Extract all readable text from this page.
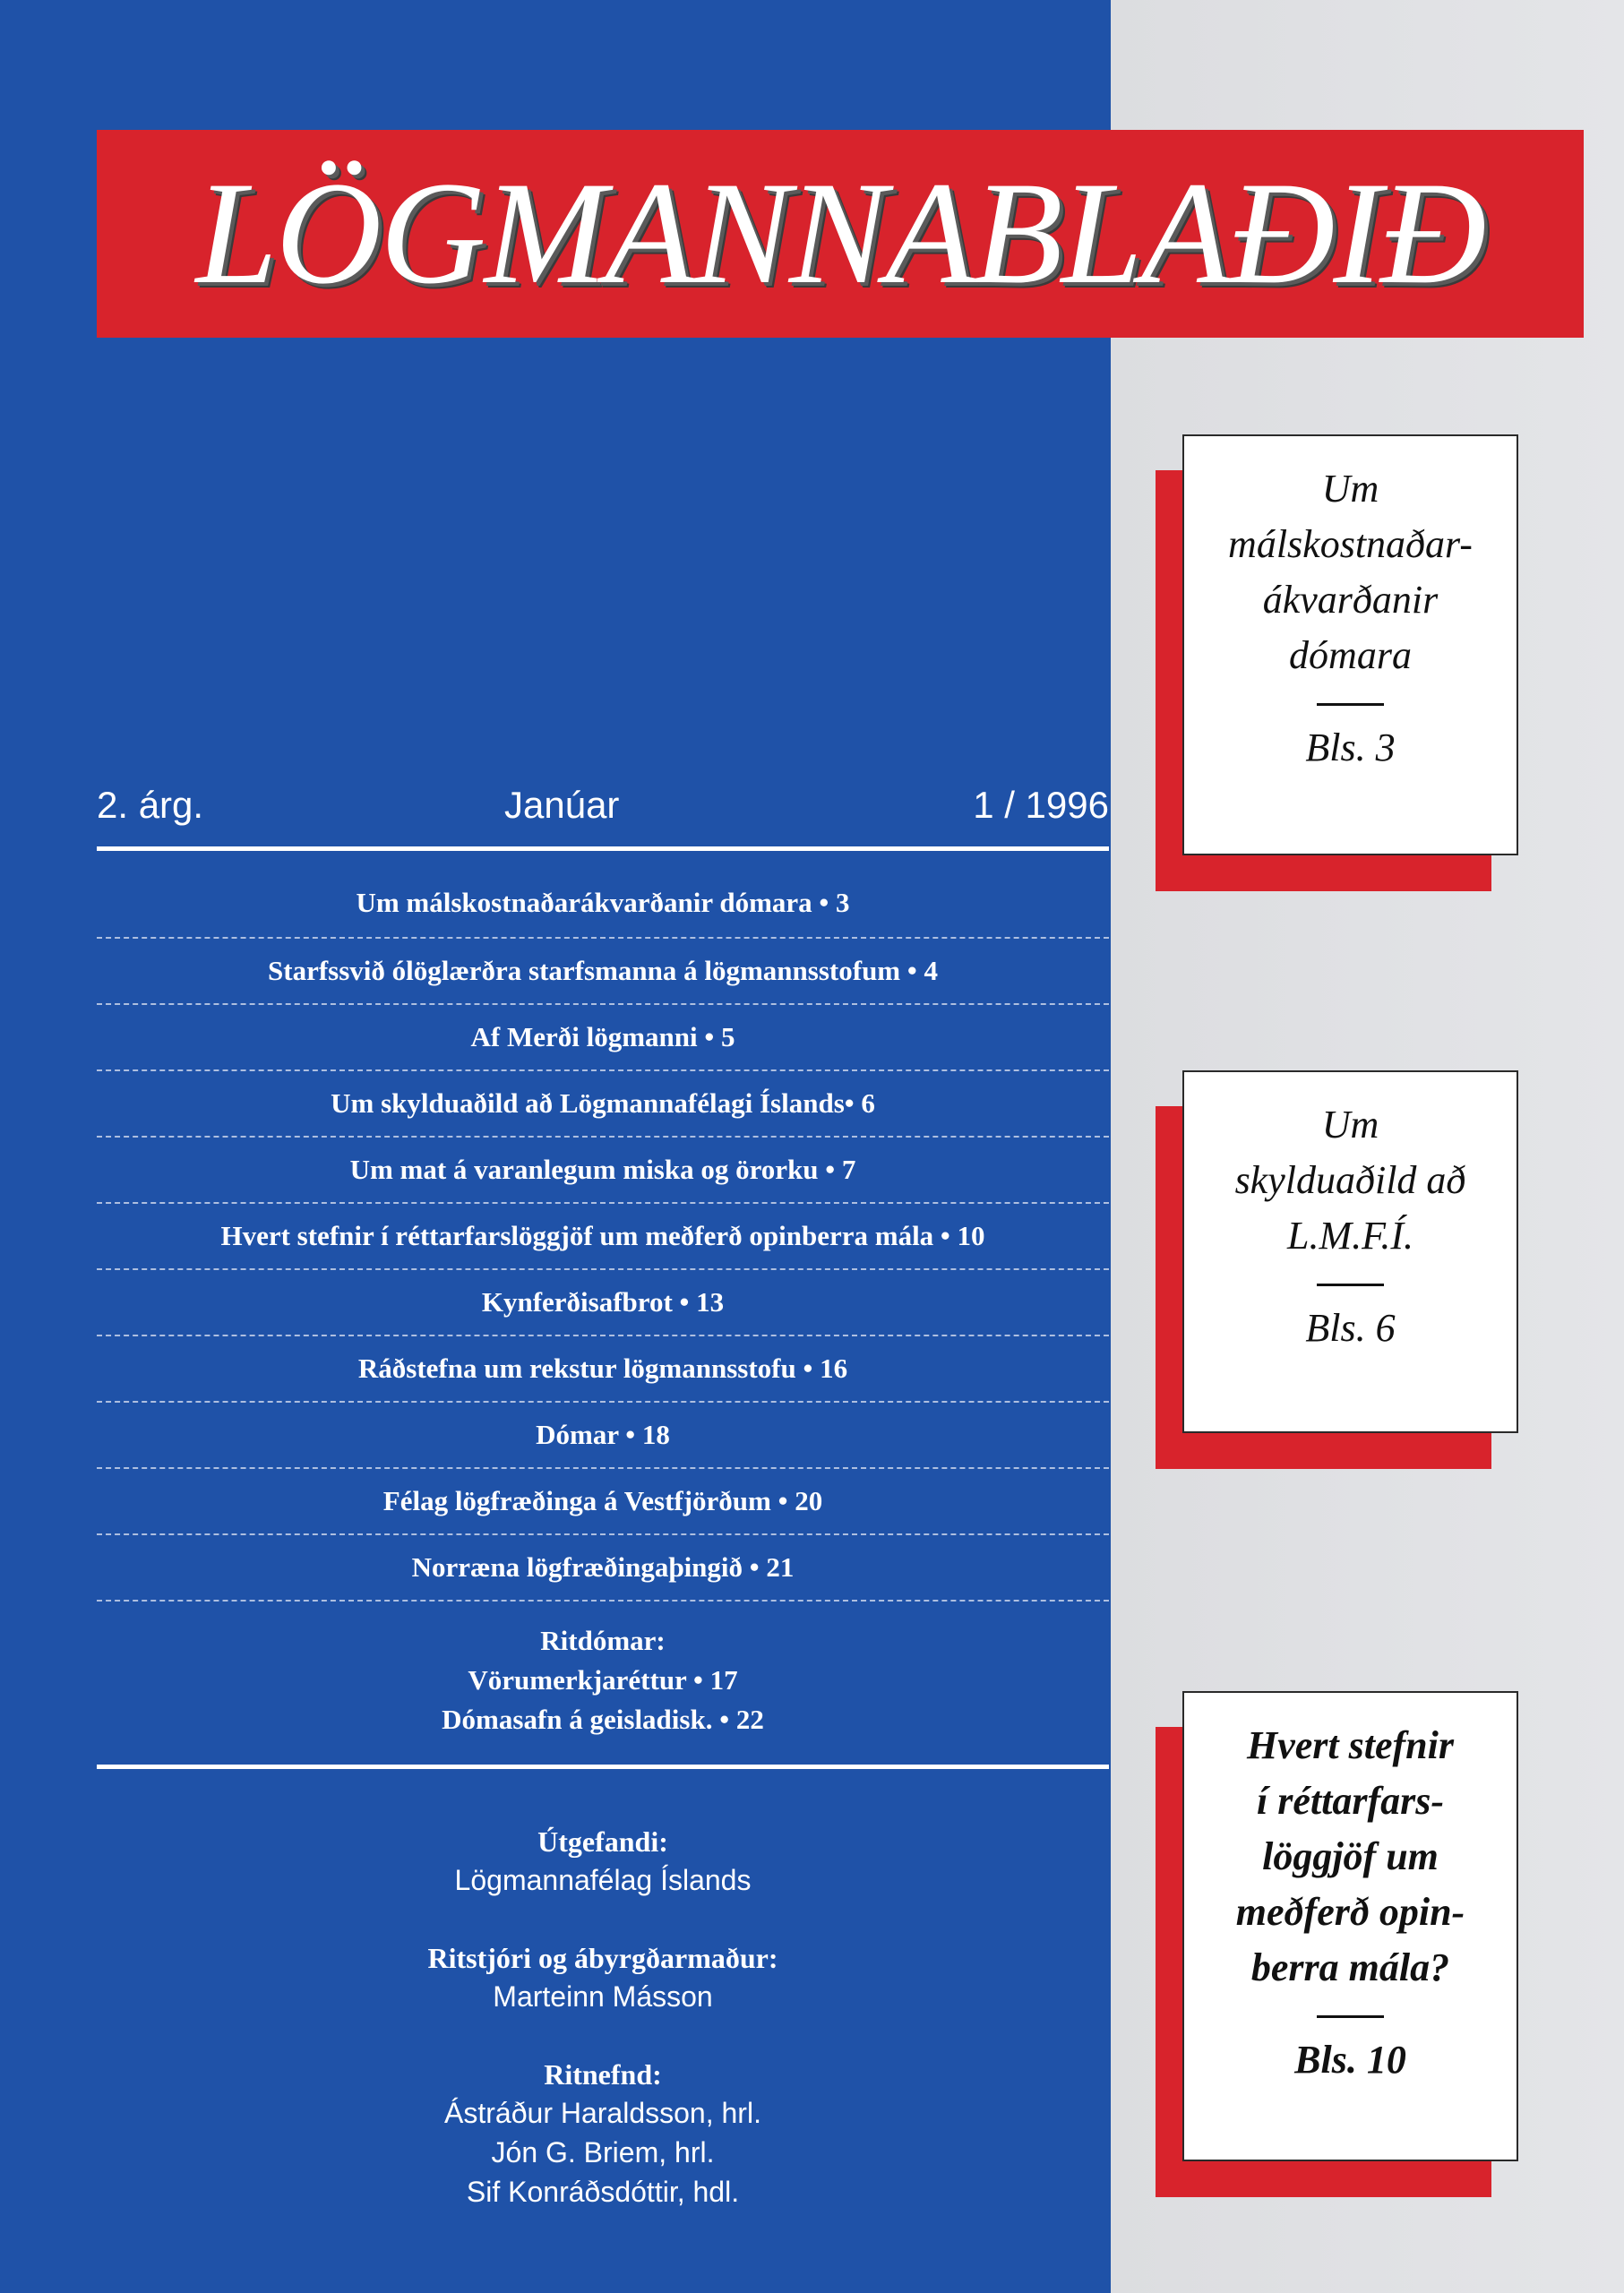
LÖGMANNABLAÐIÐ
2. árg.	Janúar	1 / 1996
Um málskostnaðarákvarðanir dómara • 3
Starfssvið ólöglærðra starfsmanna á lögmannsstofum • 4
Af Merði lögmanni • 5
Um skylduaðild að Lögmannafélagi Íslands• 6
Um mat á varanlegum miska og örorku • 7
Hvert stefnir í réttarfarslöggjöf um meðferð opinberra mála • 10
Kynferðisafbrot • 13
Ráðstefna um rekstur lögmannsstofu • 16
Dómar • 18
Félag lögfræðinga á Vestfjörðum • 20
Norræna lögfræðingaþingið • 21
Ritdómar:
Vörumerkjaréttur • 17
Dómasafn á geisladisk. • 22
Útgefandi:
Lögmannafélag Íslands
Ritstjóri og ábyrgðarmaður:
Marteinn Másson
Ritnefnd:
Ástráður Haraldsson, hrl.
Jón G. Briem, hrl.
Sif Konráðsdóttir, hdl.
Um
málskostnaðar-
ákvarðanir
dómara
Bls. 3
Um
skylduaðild að
L.M.F.Í.
Bls. 6
Hvert stefnir
í réttarfars-
löggjöf um
meðferð opin-
berra mála?
Bls. 10
